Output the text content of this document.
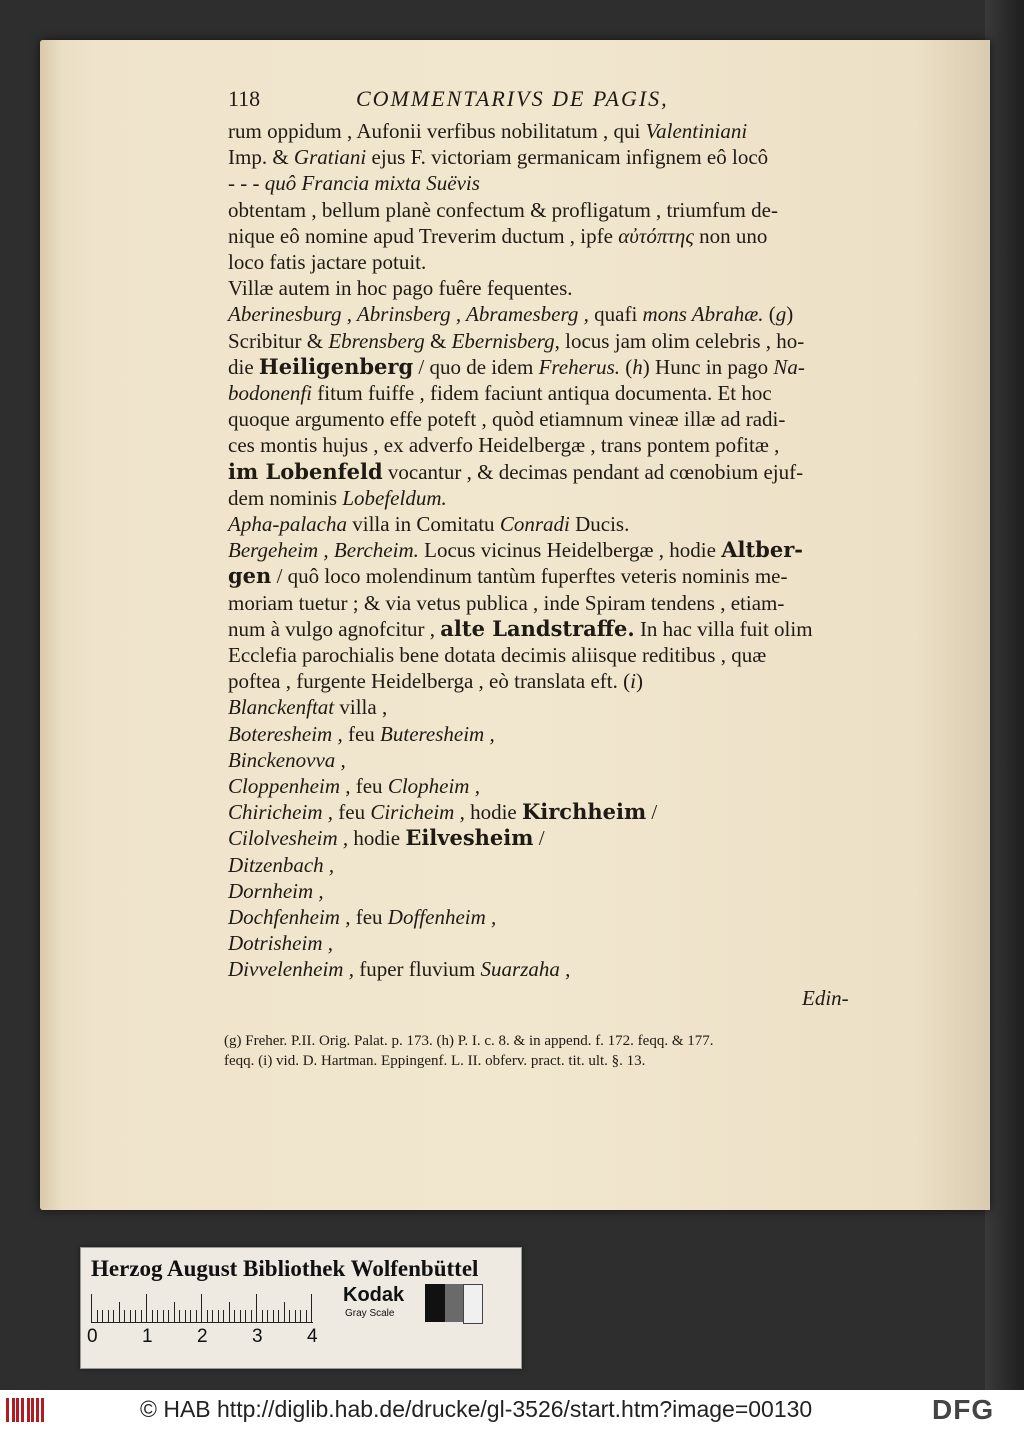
118	COMMENTARIVS DE PAGIS,
rum oppidum , Aufonii verfibus nobilitatum , qui Valentiniani
Imp. & Gratiani ejus F. victoriam germanicam infignem eô locô
- - - quô Francia mixta Suëvis
obtentam , bellum planè confectum & profligatum , triumfum de-
nique eô nomine apud Treverim ductum , ipfe αὐτόπτης non uno
loco fatis jactare potuit.
Villæ autem in hoc pago fuêre fequentes.
Aberinesburg , Abrinsberg , Abramesberg , quafi mons Abrahæ. (g)
Scribitur & Ebrensberg & Ebernisberg, locus jam olim celebris , ho-
die Heiligenberg / quo de idem Freherus. (h) Hunc in pago Na-
bodonenfi fitum fuiffe , fidem faciunt antiqua documenta. Et hoc
quoque argumento effe poteft , quòd etiamnum vineæ illæ ad radi-
ces montis hujus , ex adverfo Heidelbergæ , trans pontem pofitæ ,
im Lobenfeld vocantur , & decimas pendant ad cœnobium ejuf-
dem nominis Lobefeldum.
Apha-palacha villa in Comitatu Conradi Ducis.
Bergeheim , Bercheim. Locus vicinus Heidelbergæ , hodie Altber-
gen / quô loco molendinum tantùm fuperftes veteris nominis me-
moriam tuetur ; & via vetus publica , inde Spiram tendens , etiam-
num à vulgo agnofcitur , alte Landstraffe. In hac villa fuit olim
Ecclefia parochialis bene dotata decimis aliisque reditibus , quæ
poftea , furgente Heidelberga , eò translata eft. (i)
Blanckenftat villa ,
Boteresheim , feu Buteresheim ,
Binckenovva ,
Cloppenheim , feu Clopheim ,
Chiricheim , feu Ciricheim , hodie Kirchheim /
Cilolvesheim , hodie Eilvesheim /
Ditzenbach ,
Dornheim ,
Dochfenheim , feu Doffenheim ,
Dotrisheim ,
Divvelenheim , fuper fluvium Suarzaha ,
Edin-
(g) Freher. P.II. Orig. Palat. p. 173. (h) P. I. c. 8. & in append. f. 172. feqq. & 177.
feqq. (i) vid. D. Hartman. Eppingenf. L. II. obferv. pract. tit. ult. §. 13.
Herzog August Bibliothek Wolfenbüttel
0 1 2 3 4
Kodak
Gray Scale
© HAB http://diglib.hab.de/drucke/gl-3526/start.htm?image=00130	DFG
